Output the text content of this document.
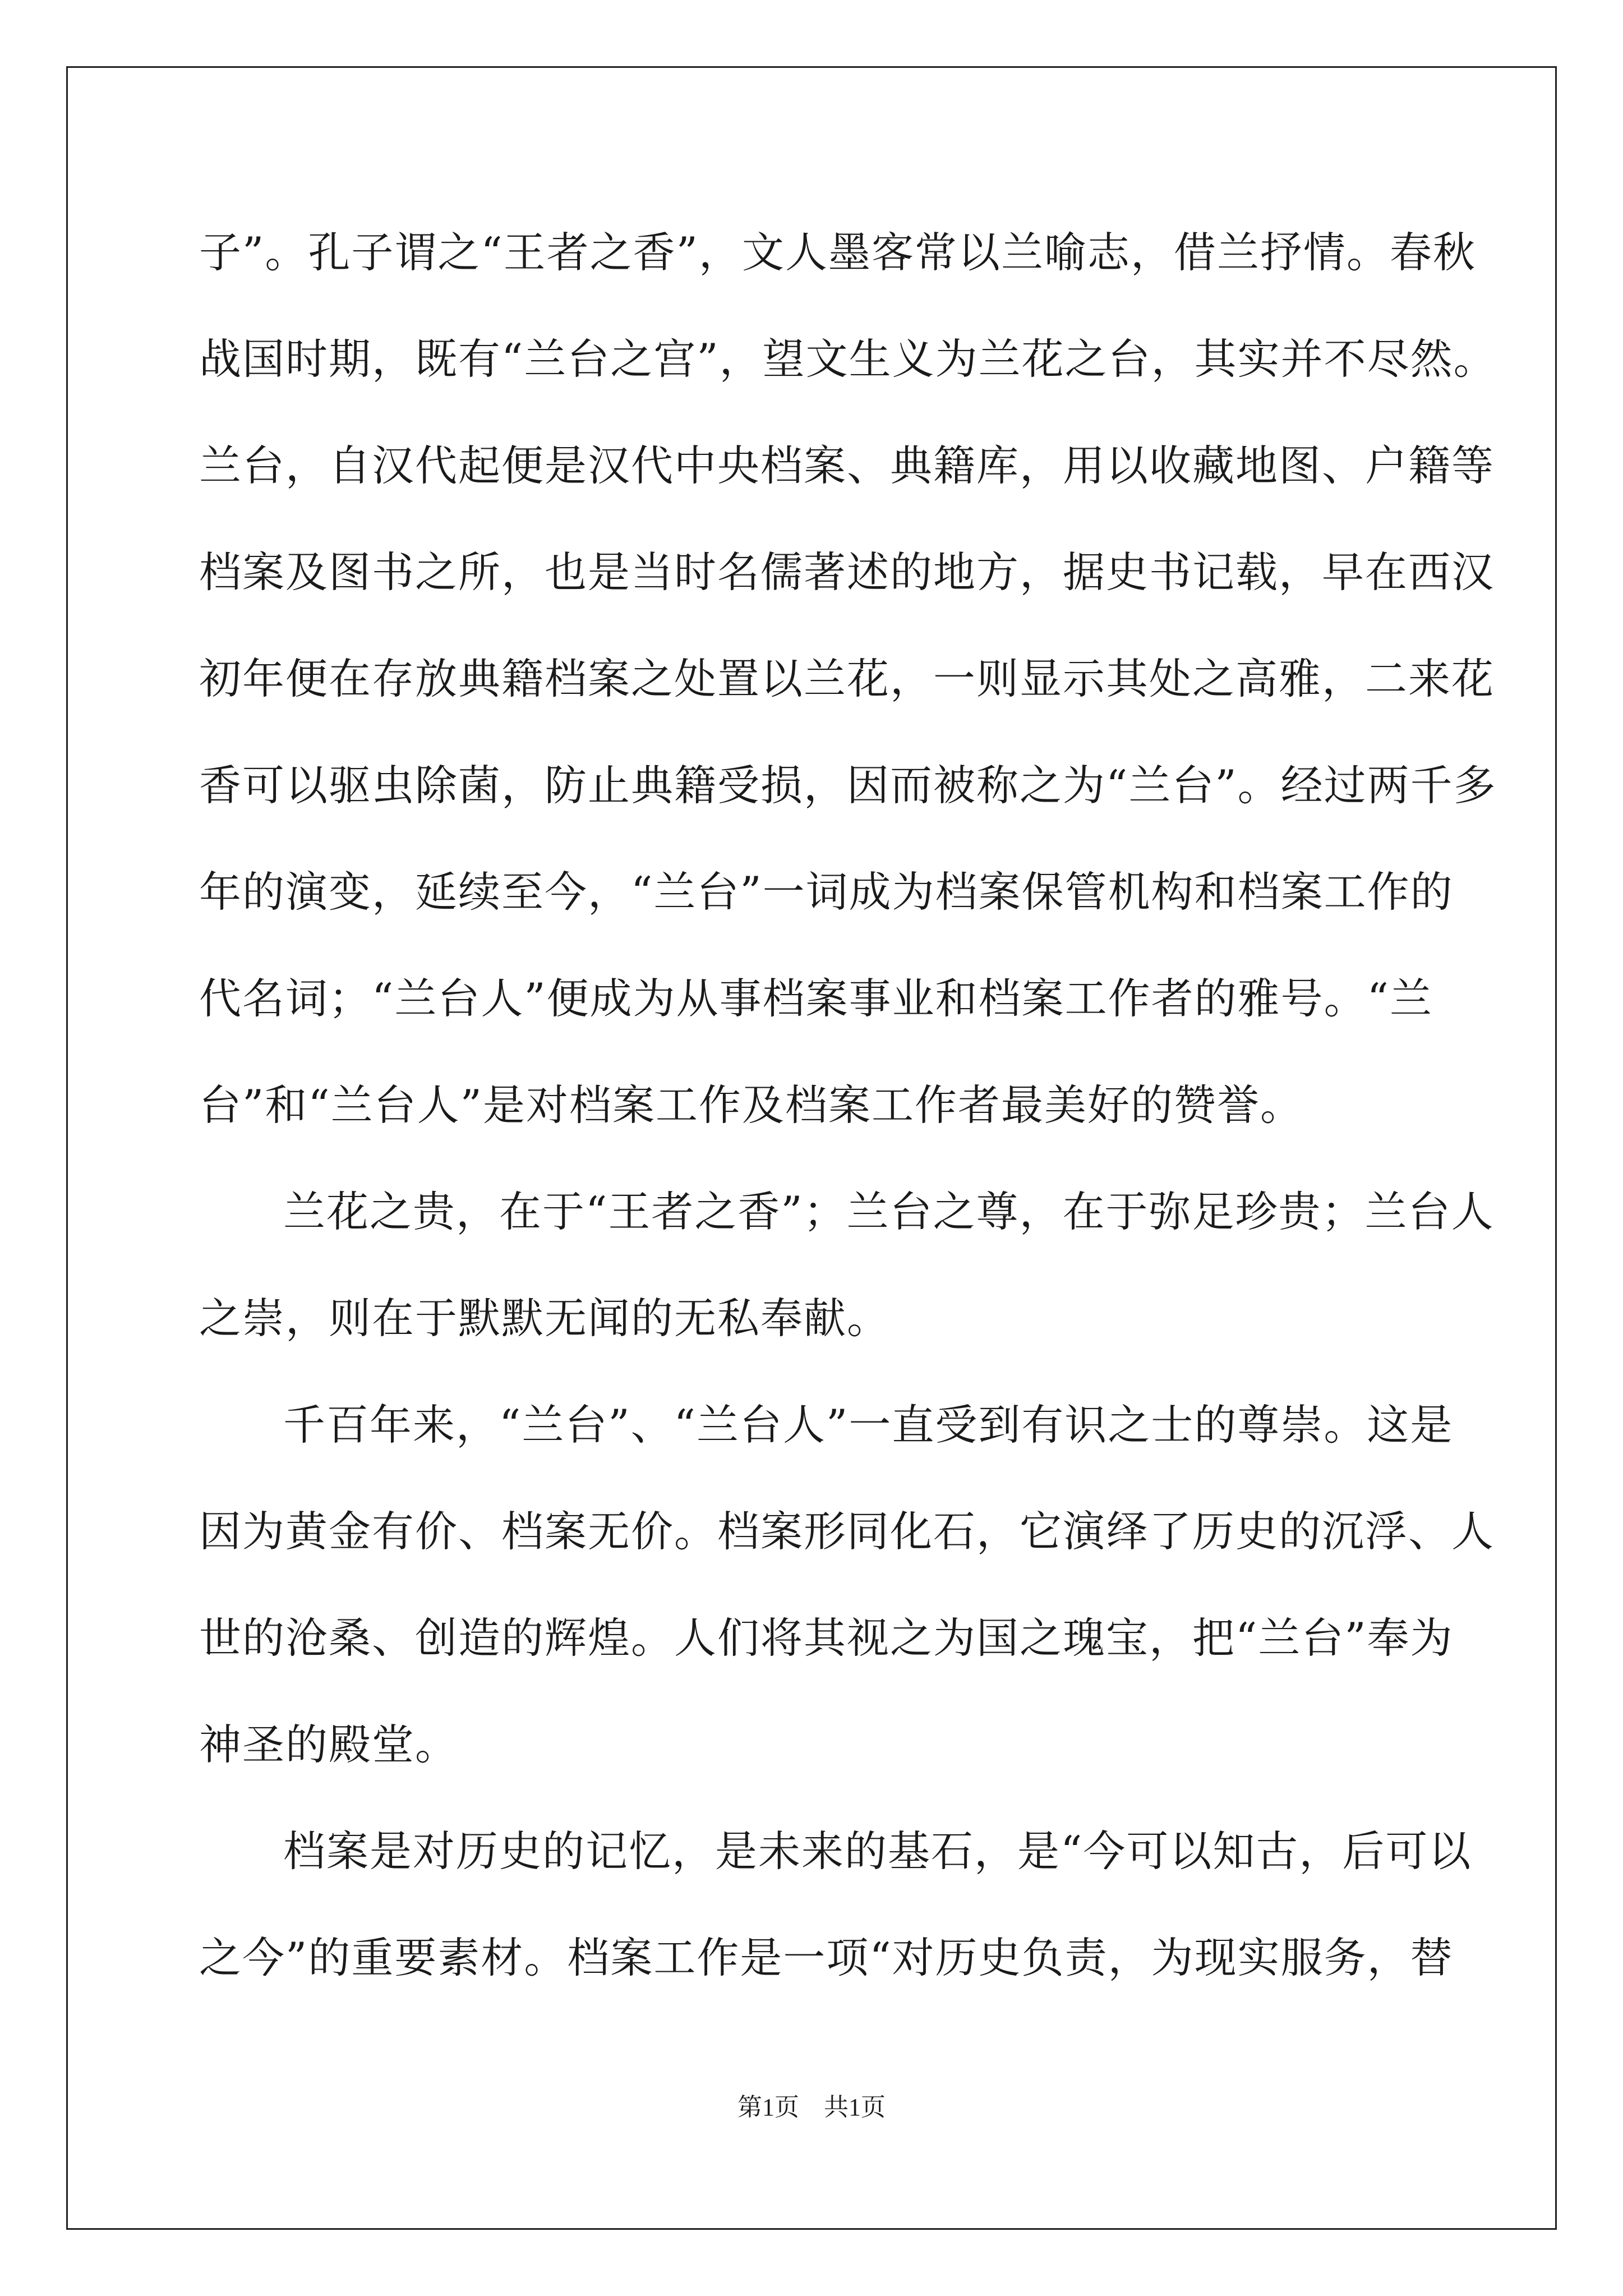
子”。孔子谓之“王者之香”，文人墨客常以兰喻志，借兰抒情。春秋
战国时期，既有“兰台之宫”，望文生义为兰花之台，其实并不尽然。
兰台，自汉代起便是汉代中央档案、典籍库，用以收藏地图、户籍等
档案及图书之所，也是当时名儒著述的地方，据史书记载，早在西汉
初年便在存放典籍档案之处置以兰花，一则显示其处之高雅，二来花
香可以驱虫除菌，防止典籍受损，因而被称之为“兰台”。经过两千多
年的演变，延续至今，“兰台”一词成为档案保管机构和档案工作的
代名词；“兰台人”便成为从事档案事业和档案工作者的雅号。“兰
台”和“兰台人”是对档案工作及档案工作者最美好的赞誉。
兰花之贵，在于“王者之香”；兰台之尊，在于弥足珍贵；兰台人
之崇，则在于默默无闻的无私奉献。
千百年来，“兰台”、“兰台人”一直受到有识之士的尊崇。这是
因为黄金有价、档案无价。档案形同化石，它演绎了历史的沉浮、人
世的沧桑、创造的辉煌。人们将其视之为国之瑰宝，把“兰台”奉为
神圣的殿堂。
档案是对历史的记忆，是未来的基石，是“今可以知古，后可以
之今”的重要素材。档案工作是一项“对历史负责，为现实服务，替
第1页　共1页
